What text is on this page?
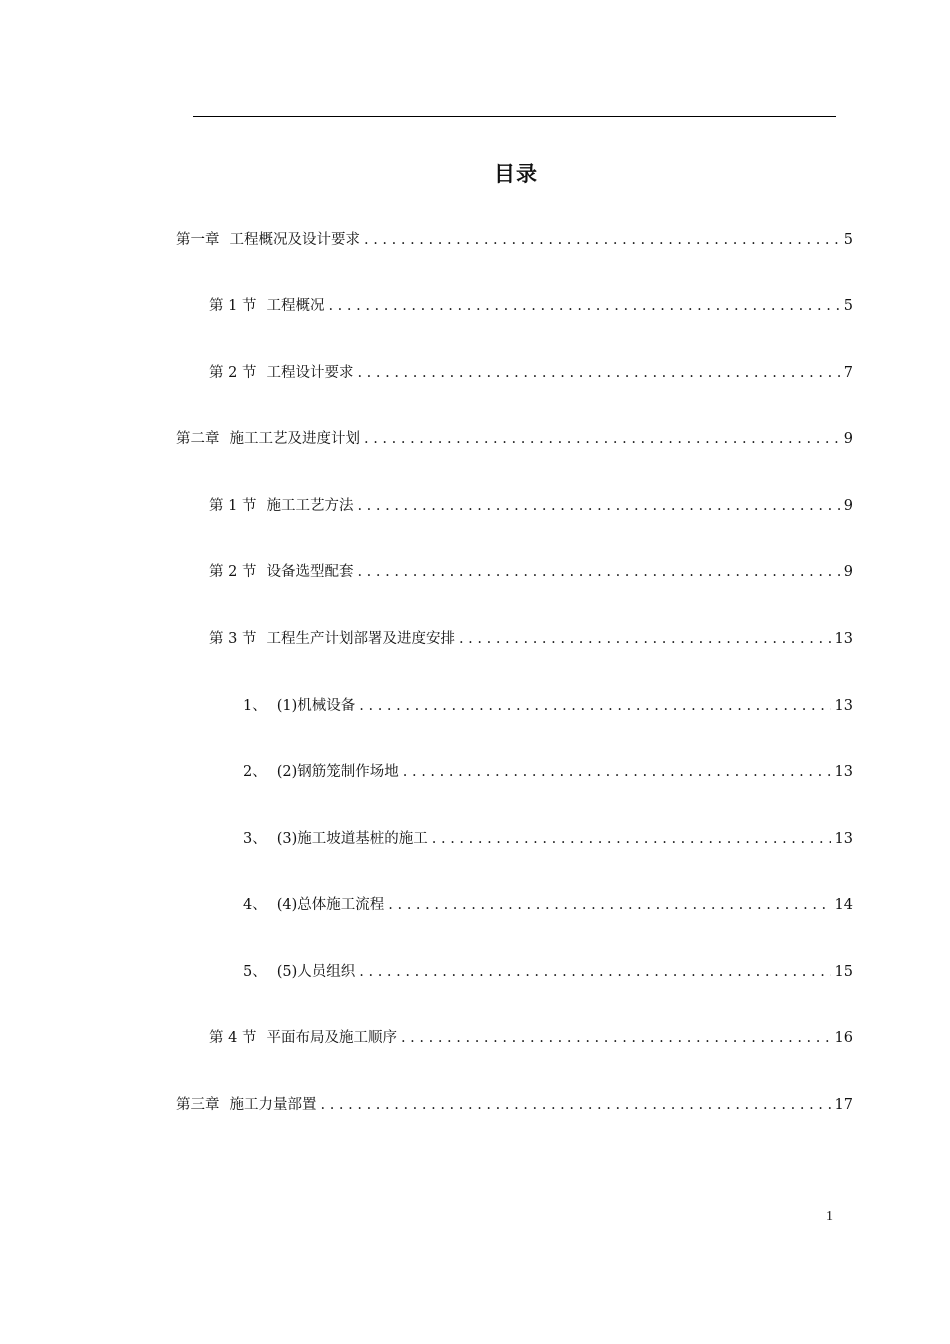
目录
第一章 工程概况及设计要求 . . .	5
第 1 节 工程概况 . . .	5
第 2 节 工程设计要求 . . .	7
第二章 施工工艺及进度计划 . . .	9
第 1 节 施工工艺方法 . . .	9
第 2 节 设备选型配套 . . .	9
第 3 节 工程生产计划部署及进度安排 . . .	13
1、 (1)机械设备 . . .	13
2、 (2)钢筋笼制作场地 . . .	13
3、 (3)施工坡道基桩的施工 . . .	13
4、 (4)总体施工流程 . . .	14
5、 (5)人员组织 . . .	15
第 4 节 平面布局及施工顺序 . . .	16
第三章 施工力量部置 . . .	17
1
